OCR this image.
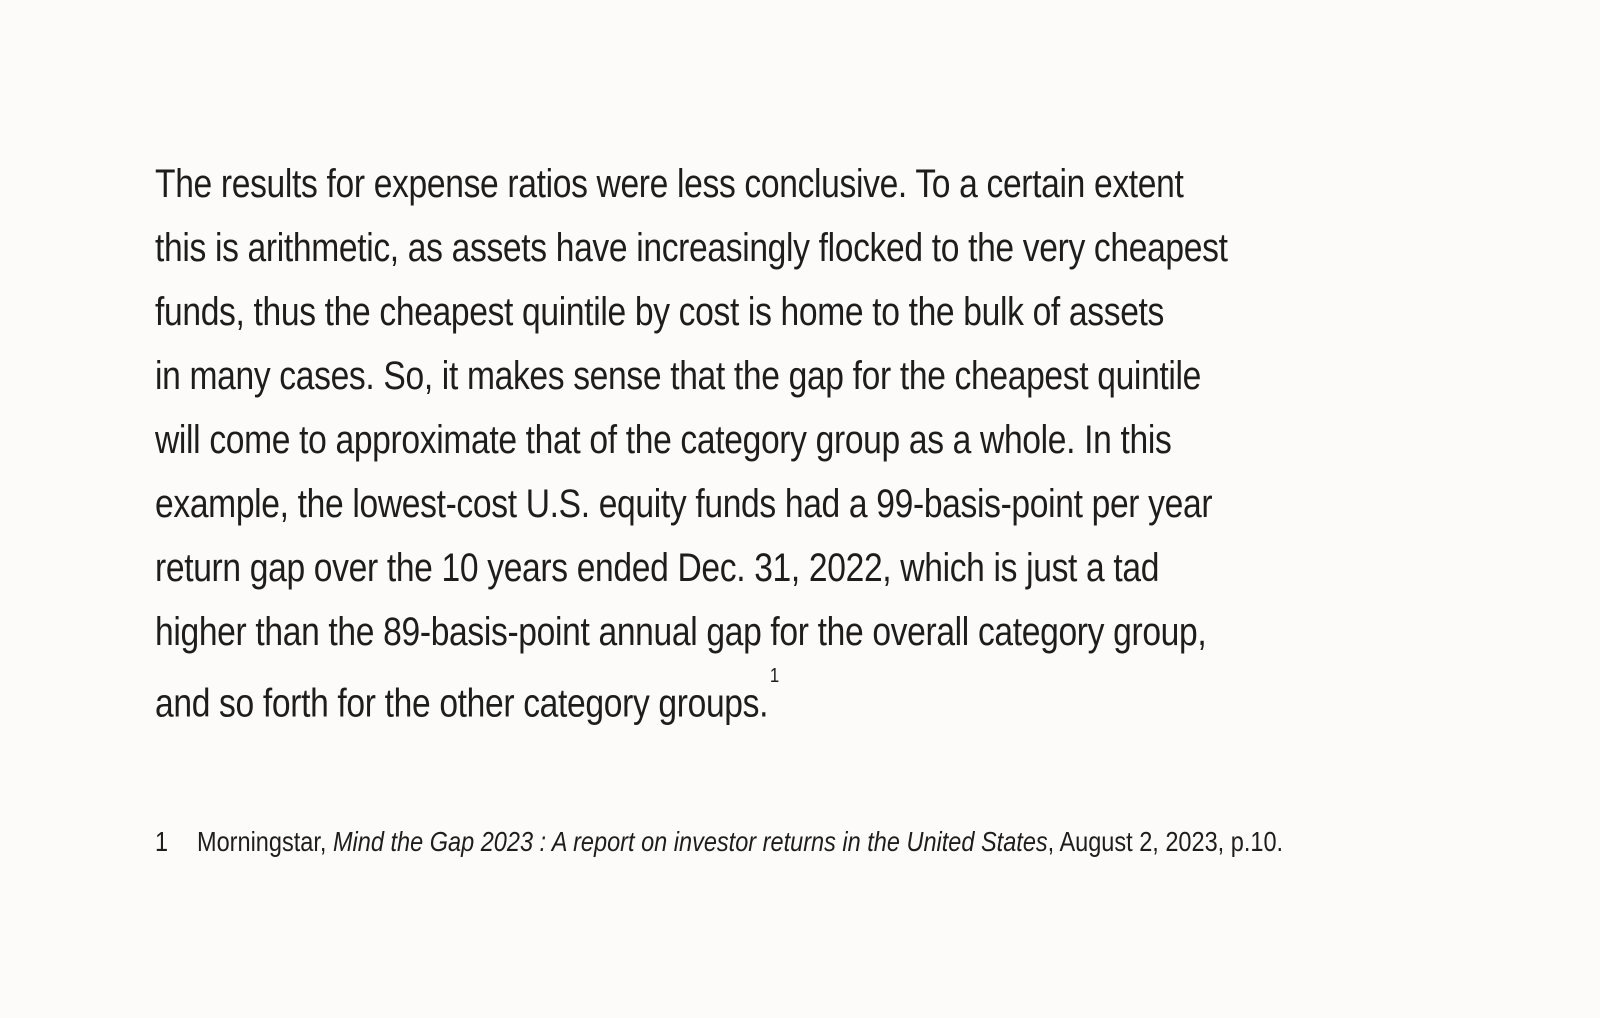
The results for expense ratios were less conclusive. To a certain extent
this is arithmetic, as assets have increasingly flocked to the very cheapest
funds, thus the cheapest quintile by cost is home to the bulk of assets
in many cases. So, it makes sense that the gap for the cheapest quintile
will come to approximate that of the category group as a whole. In this
example, the lowest-cost U.S. equity funds had a 99-basis-point per year
return gap over the 10 years ended Dec. 31, 2022, which is just a tad
higher than the 89-basis-point annual gap for the overall category group,
and so forth for the other category groups.$^1$
1 Morningstar, Mind the Gap 2023 : A report on investor returns in the United States, August 2, 2023, p.10.
